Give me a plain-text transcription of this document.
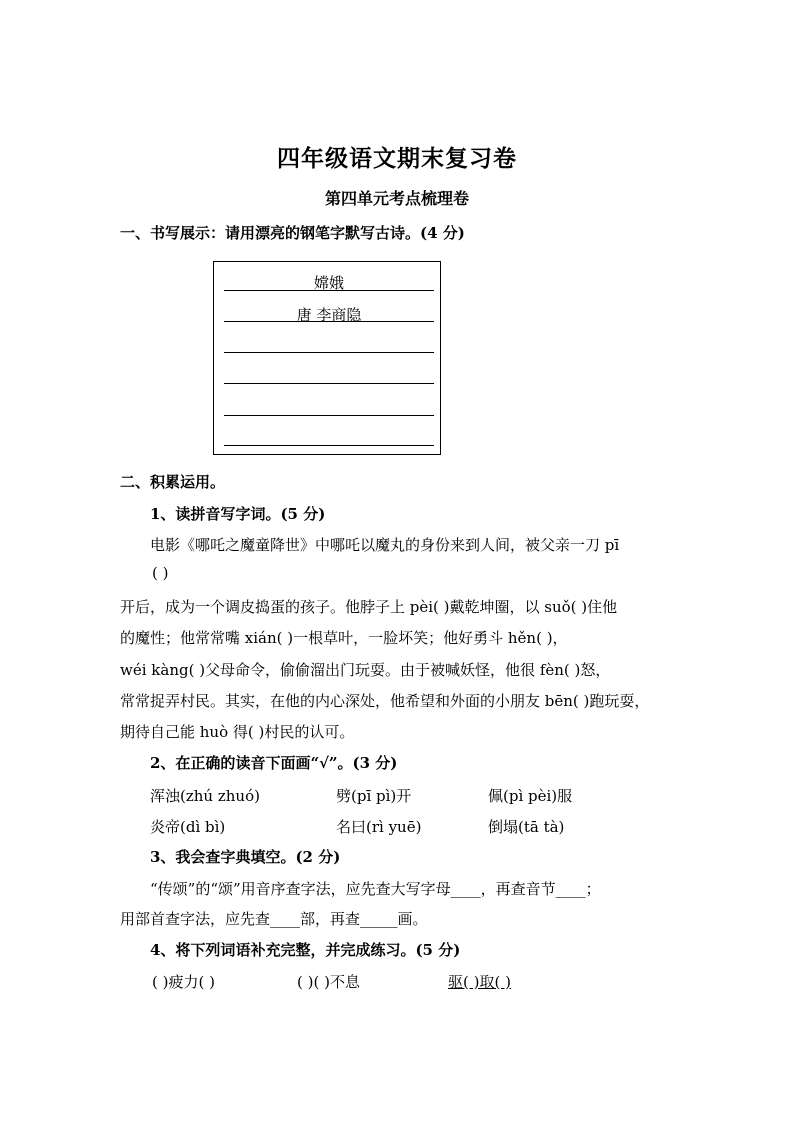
四年级语文期末复习卷
第四单元考点梳理卷
一、书写展示：请用漂亮的钢笔字默写古诗。(4 分)
嫦娥
唐 李商隐
二、积累运用。
1、读拼音写字词。(5 分)
电影《哪吒之魔童降世》中哪吒以魔丸的身份来到人间，被父亲一刀 pī
( )
开后，成为一个调皮捣蛋的孩子。他脖子上 pèi( )戴乾坤圈，以 suǒ( )住他
的魔性；他常常嘴 xián( )一根草叶，一脸坏笑；他好勇斗 hěn( )，
wéi kàng( )父母命令，偷偷溜出门玩耍。由于被喊妖怪，他很 fèn( )怒，
常常捉弄村民。其实，在他的内心深处，他希望和外面的小朋友 bēn( )跑玩耍，
期待自己能 huò 得( )村民的认可。
2、在正确的读音下面画“√”。(3 分)
浑浊(zhú zhuó)	劈(pī pì)开	佩(pì pèi)服
炎帝(dì bì)	名曰(rì yuē)	倒塌(tā tà)
3、我会查字典填空。(2 分)
“传颂”的“颂”用音序查字法，应先查大写字母____，再查音节____；
用部首查字法，应先查____部，再查_____画。
4、将下列词语补充完整，并完成练习。(5 分)
( )疲力( )	( )( )不息	驱( )取( )
